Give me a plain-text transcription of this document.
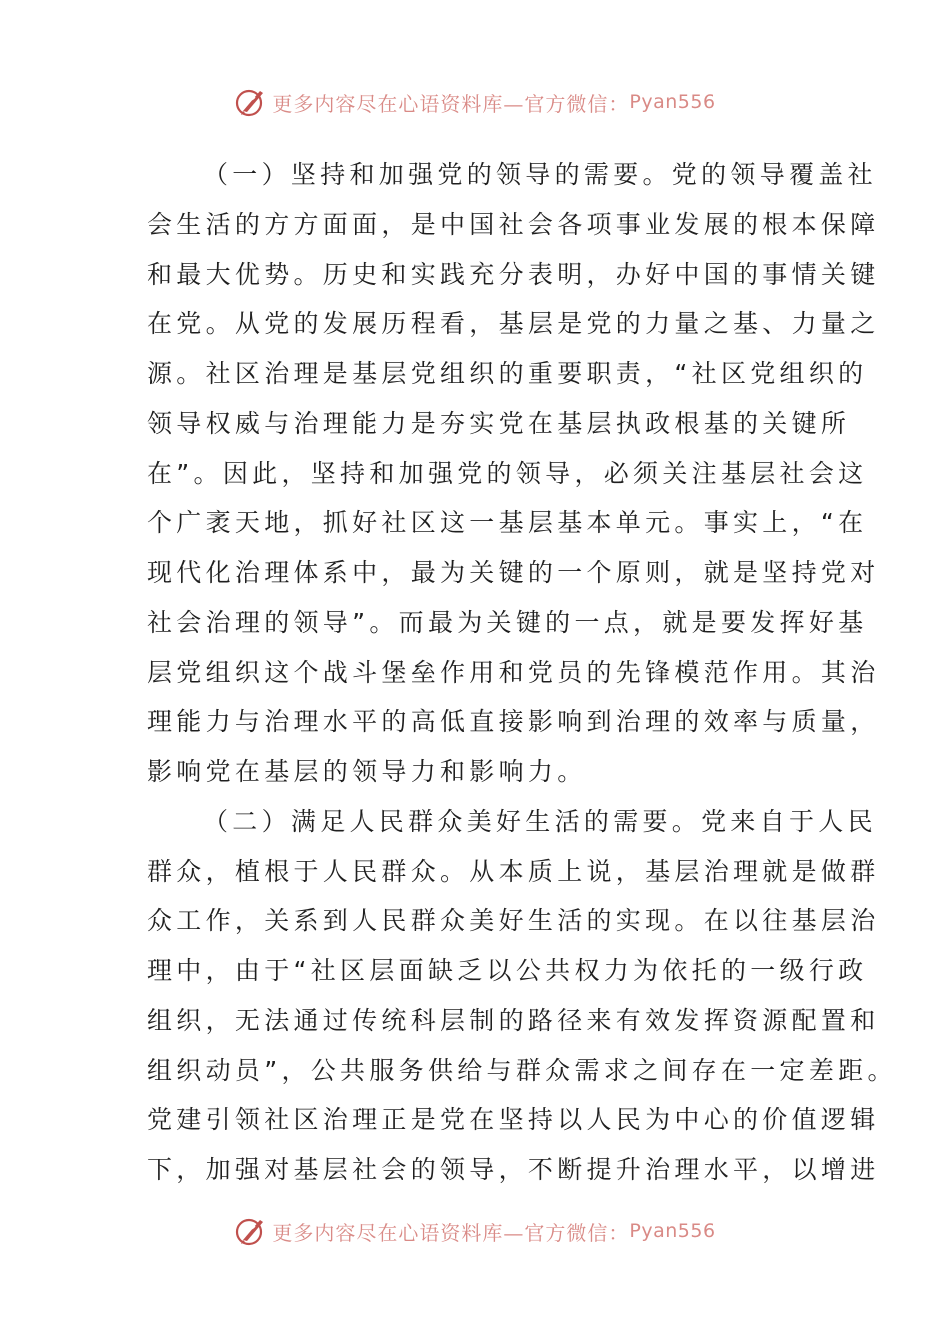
更多内容尽在心语资料库—官方微信： Pyan556
（一）坚持和加强党的领导的需要。党的领导覆盖社
会生活的方方面面，是中国社会各项事业发展的根本保障
和最大优势。历史和实践充分表明，办好中国的事情关键
在党。从党的发展历程看，基层是党的力量之基、力量之
源。社区治理是基层党组织的重要职责，“社区党组织的
领导权威与治理能力是夯实党在基层执政根基的关键所
在”。因此，坚持和加强党的领导，必须关注基层社会这
个广袤天地，抓好社区这一基层基本单元。事实上，“在
现代化治理体系中，最为关键的一个原则，就是坚持党对
社会治理的领导”。而最为关键的一点，就是要发挥好基
层党组织这个战斗堡垒作用和党员的先锋模范作用。其治
理能力与治理水平的高低直接影响到治理的效率与质量，
影响党在基层的领导力和影响力。
（二）满足人民群众美好生活的需要。党来自于人民
群众，植根于人民群众。从本质上说，基层治理就是做群
众工作，关系到人民群众美好生活的实现。在以往基层治
理中，由于“社区层面缺乏以公共权力为依托的一级行政
组织，无法通过传统科层制的路径来有效发挥资源配置和
组织动员”，公共服务供给与群众需求之间存在一定差距。
党建引领社区治理正是党在坚持以人民为中心的价值逻辑
下，加强对基层社会的领导，不断提升治理水平，以增进
更多内容尽在心语资料库—官方微信： Pyan556
